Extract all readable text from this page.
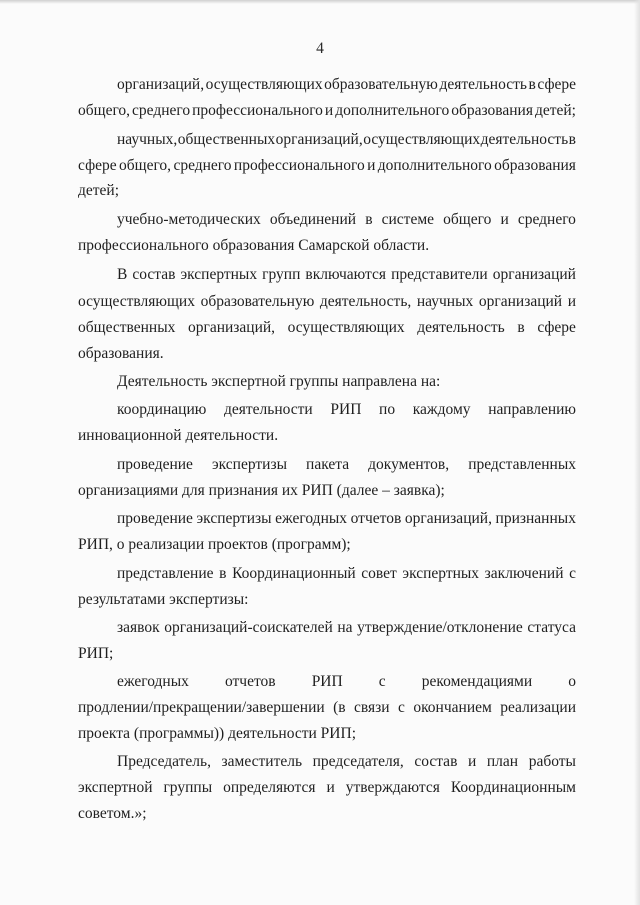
4
организаций, осуществляющих образовательную деятельность в сфере
общего, среднего профессионального и дополнительного образования детей;
научных, общественных организаций, осуществляющих деятельность в
сфере общего, среднего профессионального и дополнительного образования
детей;
учебно-методических объединений в системе общего и среднего
профессионального образования Самарской области.
В состав экспертных групп включаются представители организаций
осуществляющих образовательную деятельность, научных организаций и
общественных организаций, осуществляющих деятельность в сфере
образования.
Деятельность экспертной группы направлена на:
координацию деятельности РИП по каждому направлению
инновационной деятельности.
проведение экспертизы пакета документов, представленных
организациями для признания их РИП (далее – заявка);
проведение экспертизы ежегодных отчетов организаций, признанных
РИП, о реализации проектов (программ);
представление в Координационный совет экспертных заключений с
результатами экспертизы:
заявок организаций-соискателей на утверждение/отклонение статуса
РИП;
ежегодных отчетов РИП с рекомендациями о
продлении/прекращении/завершении (в связи с окончанием реализации
проекта (программы)) деятельности РИП;
Председатель, заместитель председателя, состав и план работы
экспертной группы определяются и утверждаются Координационным
советом.»;
